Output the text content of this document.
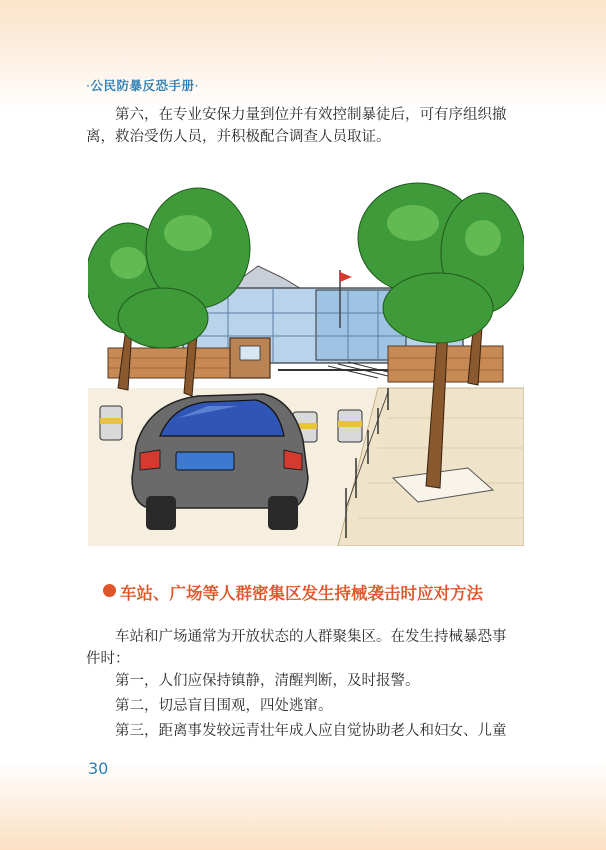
·公民防暴反恐手册·

第六，在专业安保力量到位并有效控制暴徒后，可有序组织撤离，救治受伤人员，并积极配合调查人员取证。

车站、广场等人群密集区发生持械袭击时应对方法

车站和广场通常为开放状态的人群聚集区。在发生持械暴恐事件时：

第一，人们应保持镇静，清醒判断，及时报警。

第二，切忌盲目围观，四处逃窜。

第三，距离事发较远青壮年成人应自觉协助老人和妇女、儿童

30
